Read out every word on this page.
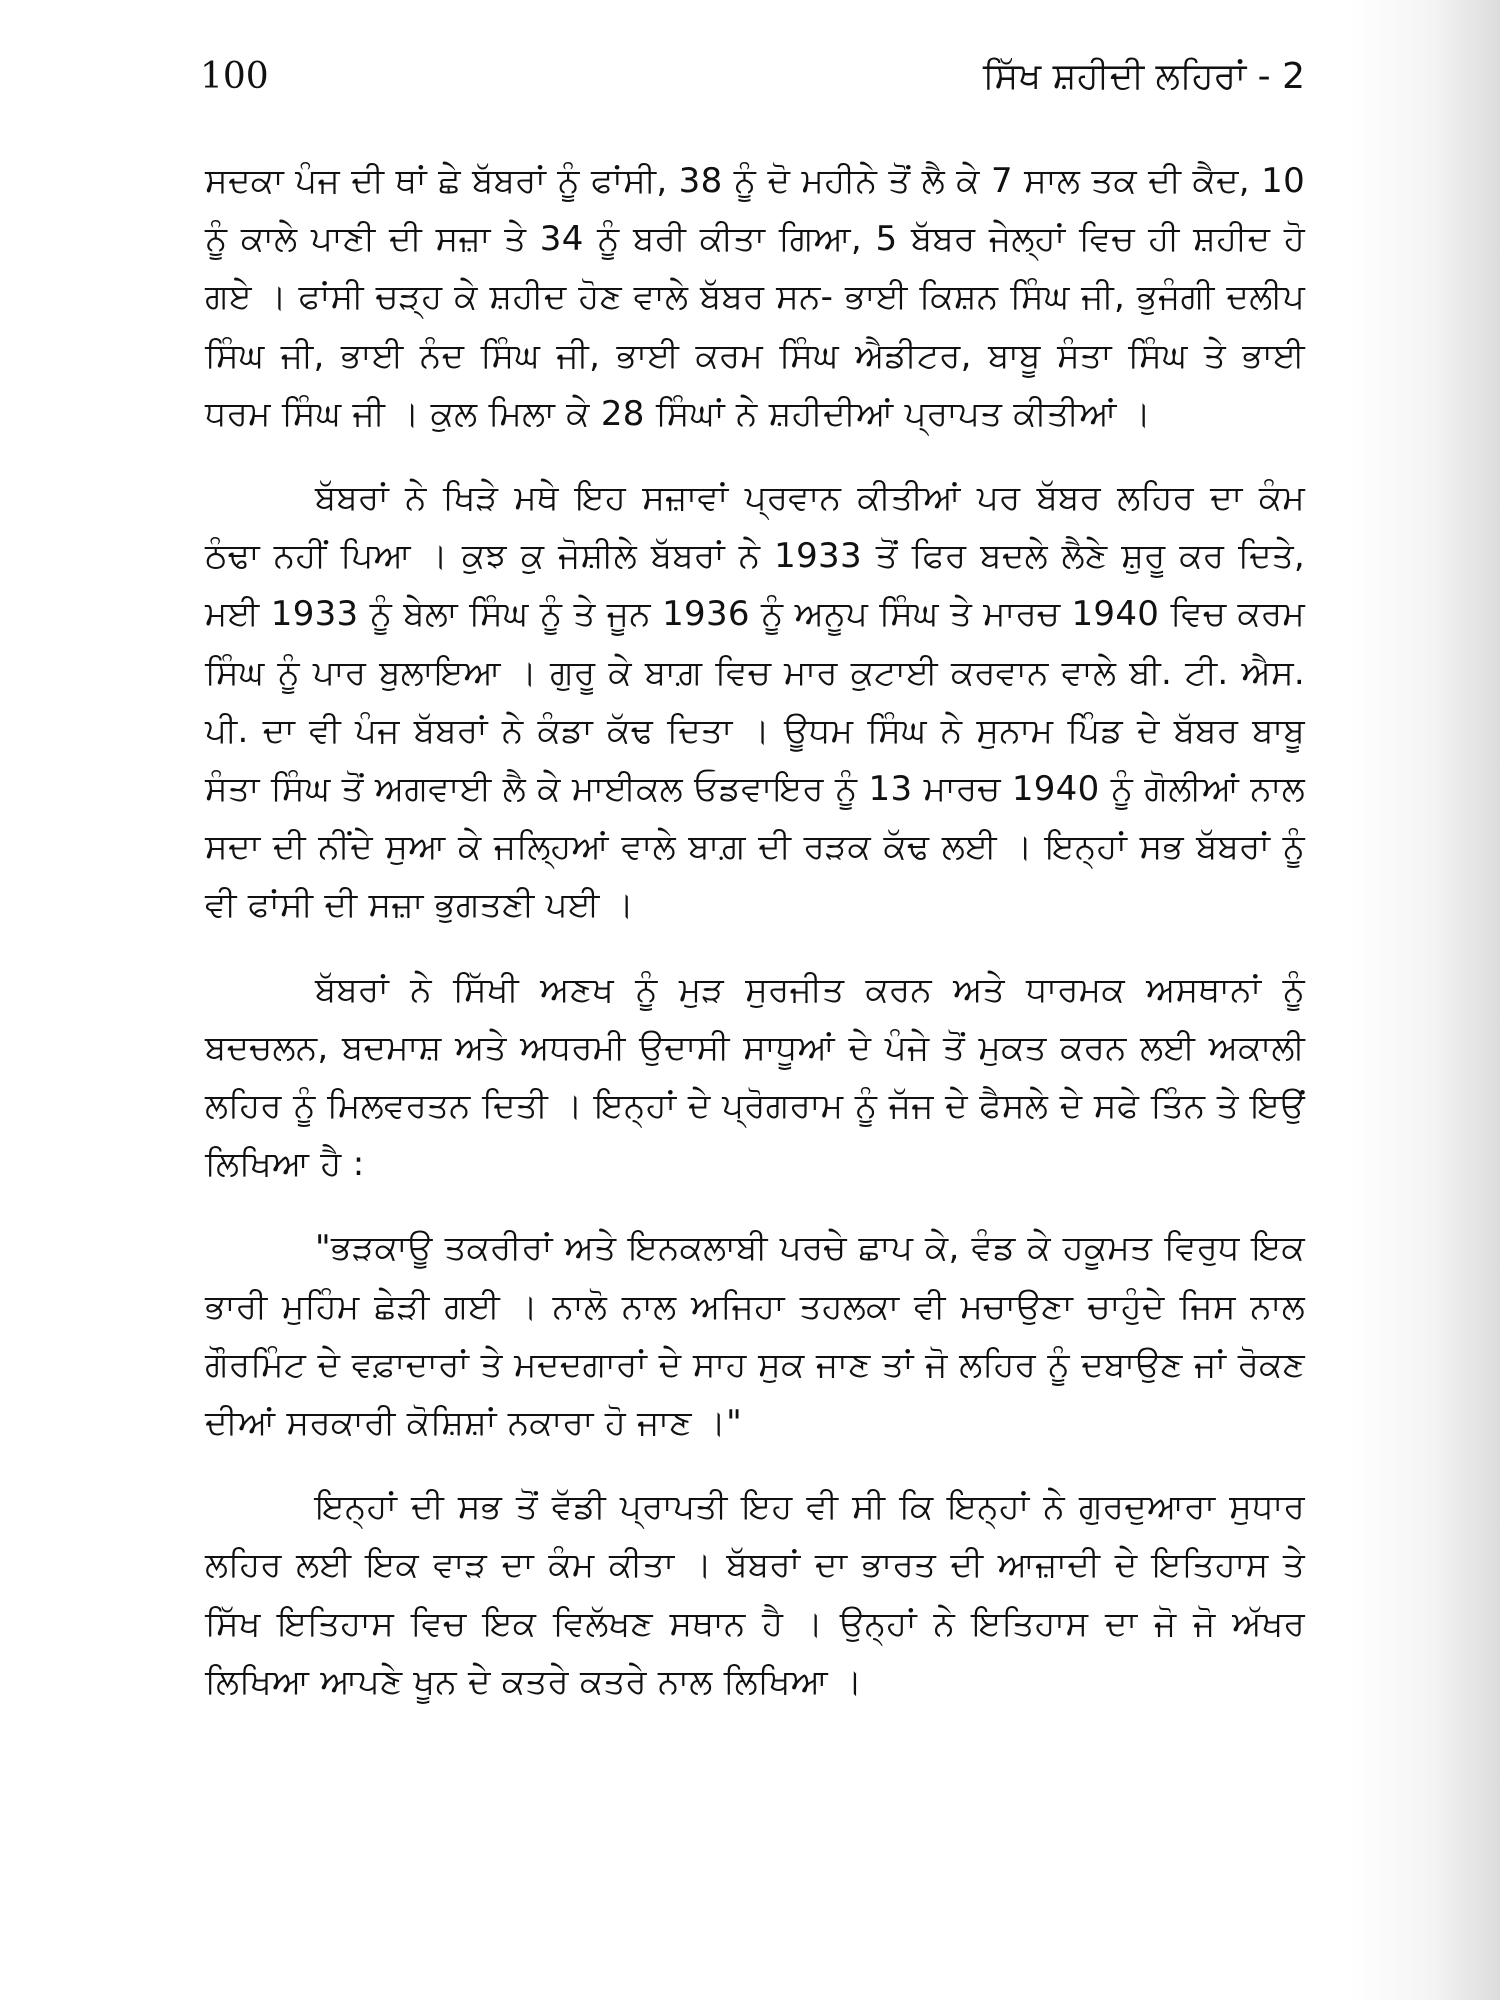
100	ਸਿੱਖ ਸ਼ਹੀਦੀ ਲਹਿਰਾਂ - 2

ਸਦਕਾ ਪੰਜ ਦੀ ਥਾਂ ਛੇ ਬੱਬਰਾਂ ਨੂੰ ਫਾਂਸੀ, 38 ਨੂੰ ਦੋ ਮਹੀਨੇ ਤੋਂ ਲੈ ਕੇ 7 ਸਾਲ ਤਕ ਦੀ ਕੈਦ, 10 ਨੂੰ ਕਾਲੇ ਪਾਣੀ ਦੀ ਸਜ਼ਾ ਤੇ 34 ਨੂੰ ਬਰੀ ਕੀਤਾ ਗਿਆ, 5 ਬੱਬਰ ਜੇਲ੍ਹਾਂ ਵਿਚ ਹੀ ਸ਼ਹੀਦ ਹੋ ਗਏ । ਫਾਂਸੀ ਚੜ੍ਹ ਕੇ ਸ਼ਹੀਦ ਹੋਣ ਵਾਲੇ ਬੱਬਰ ਸਨ- ਭਾਈ ਕਿਸ਼ਨ ਸਿੰਘ ਜੀ, ਭੁਜੰਗੀ ਦਲੀਪ ਸਿੰਘ ਜੀ, ਭਾਈ ਨੰਦ ਸਿੰਘ ਜੀ, ਭਾਈ ਕਰਮ ਸਿੰਘ ਐਡੀਟਰ, ਬਾਬੂ ਸੰਤਾ ਸਿੰਘ ਤੇ ਭਾਈ ਧਰਮ ਸਿੰਘ ਜੀ । ਕੁਲ ਮਿਲਾ ਕੇ 28 ਸਿੰਘਾਂ ਨੇ ਸ਼ਹੀਦੀਆਂ ਪ੍ਰਾਪਤ ਕੀਤੀਆਂ ।

ਬੱਬਰਾਂ ਨੇ ਖਿੜੇ ਮਥੇ ਇਹ ਸਜ਼ਾਵਾਂ ਪ੍ਰਵਾਨ ਕੀਤੀਆਂ ਪਰ ਬੱਬਰ ਲਹਿਰ ਦਾ ਕੰਮ ਠੰਢਾ ਨਹੀਂ ਪਿਆ । ਕੁਝ ਕੁ ਜੋਸ਼ੀਲੇ ਬੱਬਰਾਂ ਨੇ 1933 ਤੋਂ ਫਿਰ ਬਦਲੇ ਲੈਣੇ ਸ਼ੁਰੂ ਕਰ ਦਿਤੇ, ਮਈ 1933 ਨੂੰ ਬੇਲਾ ਸਿੰਘ ਨੂੰ ਤੇ ਜੂਨ 1936 ਨੂੰ ਅਨੂਪ ਸਿੰਘ ਤੇ ਮਾਰਚ 1940 ਵਿਚ ਕਰਮ ਸਿੰਘ ਨੂੰ ਪਾਰ ਬੁਲਾਇਆ । ਗੁਰੂ ਕੇ ਬਾਗ਼ ਵਿਚ ਮਾਰ ਕੁਟਾਈ ਕਰਵਾਨ ਵਾਲੇ ਬੀ. ਟੀ. ਐਸ. ਪੀ. ਦਾ ਵੀ ਪੰਜ ਬੱਬਰਾਂ ਨੇ ਕੰਡਾ ਕੱਢ ਦਿਤਾ । ਊਧਮ ਸਿੰਘ ਨੇ ਸੁਨਾਮ ਪਿੰਡ ਦੇ ਬੱਬਰ ਬਾਬੂ ਸੰਤਾ ਸਿੰਘ ਤੋਂ ਅਗਵਾਈ ਲੈ ਕੇ ਮਾਈਕਲ ਓਡਵਾਇਰ ਨੂੰ 13 ਮਾਰਚ 1940 ਨੂੰ ਗੋਲੀਆਂ ਨਾਲ ਸਦਾ ਦੀ ਨੀਂਦੇ ਸੁਆ ਕੇ ਜਲ੍ਹਿਆਂ ਵਾਲੇ ਬਾਗ਼ ਦੀ ਰੜਕ ਕੱਢ ਲਈ । ਇਨ੍ਹਾਂ ਸਭ ਬੱਬਰਾਂ ਨੂੰ ਵੀ ਫਾਂਸੀ ਦੀ ਸਜ਼ਾ ਭੁਗਤਣੀ ਪਈ ।

ਬੱਬਰਾਂ ਨੇ ਸਿੱਖੀ ਅਣਖ ਨੂੰ ਮੁੜ ਸੁਰਜੀਤ ਕਰਨ ਅਤੇ ਧਾਰਮਕ ਅਸਥਾਨਾਂ ਨੂੰ ਬਦਚਲਨ, ਬਦਮਾਸ਼ ਅਤੇ ਅਧਰਮੀ ਉਦਾਸੀ ਸਾਧੂਆਂ ਦੇ ਪੰਜੇ ਤੋਂ ਮੁਕਤ ਕਰਨ ਲਈ ਅਕਾਲੀ ਲਹਿਰ ਨੂੰ ਮਿਲਵਰਤਨ ਦਿਤੀ । ਇਨ੍ਹਾਂ ਦੇ ਪ੍ਰੋਗਰਾਮ ਨੂੰ ਜੱਜ ਦੇ ਫੈਸਲੇ ਦੇ ਸਫੇ ਤਿੰਨ ਤੇ ਇਉਂ ਲਿਖਿਆ ਹੈ :

"ਭੜਕਾਊ ਤਕਰੀਰਾਂ ਅਤੇ ਇਨਕਲਾਬੀ ਪਰਚੇ ਛਾਪ ਕੇ, ਵੰਡ ਕੇ ਹਕੂਮਤ ਵਿਰੁਧ ਇਕ ਭਾਰੀ ਮੁਹਿੰਮ ਛੇੜੀ ਗਈ । ਨਾਲੋ ਨਾਲ ਅਜਿਹਾ ਤਹਲਕਾ ਵੀ ਮਚਾਉਣਾ ਚਾਹੁੰਦੇ ਜਿਸ ਨਾਲ ਗੌਰਮਿੰਟ ਦੇ ਵਫ਼ਾਦਾਰਾਂ ਤੇ ਮਦਦਗਾਰਾਂ ਦੇ ਸਾਹ ਸੁਕ ਜਾਣ ਤਾਂ ਜੋ ਲਹਿਰ ਨੂੰ ਦਬਾਉਣ ਜਾਂ ਰੋਕਣ ਦੀਆਂ ਸਰਕਾਰੀ ਕੋਸ਼ਿਸ਼ਾਂ ਨਕਾਰਾ ਹੋ ਜਾਣ ।"

ਇਨ੍ਹਾਂ ਦੀ ਸਭ ਤੋਂ ਵੱਡੀ ਪ੍ਰਾਪਤੀ ਇਹ ਵੀ ਸੀ ਕਿ ਇਨ੍ਹਾਂ ਨੇ ਗੁਰਦੁਆਰਾ ਸੁਧਾਰ ਲਹਿਰ ਲਈ ਇਕ ਵਾੜ ਦਾ ਕੰਮ ਕੀਤਾ । ਬੱਬਰਾਂ ਦਾ ਭਾਰਤ ਦੀ ਆਜ਼ਾਦੀ ਦੇ ਇਤਿਹਾਸ ਤੇ ਸਿੱਖ ਇਤਿਹਾਸ ਵਿਚ ਇਕ ਵਿਲੱਖਣ ਸਥਾਨ ਹੈ । ਉਨ੍ਹਾਂ ਨੇ ਇਤਿਹਾਸ ਦਾ ਜੋ ਜੋ ਅੱਖਰ ਲਿਖਿਆ ਆਪਣੇ ਖੂਨ ਦੇ ਕਤਰੇ ਕਤਰੇ ਨਾਲ ਲਿਖਿਆ ।
